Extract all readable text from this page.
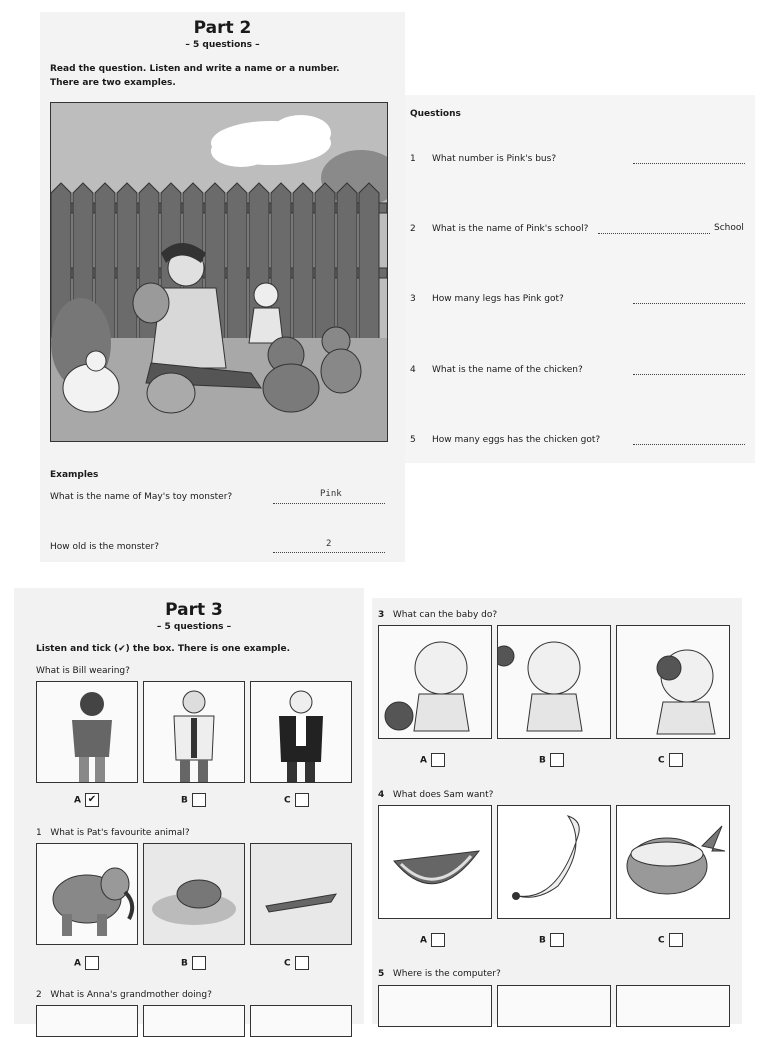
Part 2
– 5 questions –
Read the question. Listen and write a name or a number.
There are two examples.
Examples
What is the name of May's toy monster?	Pink
How old is the monster?	2
Questions
1 What number is Pink's bus?
2 What is the name of Pink's school?	School
3 How many legs has Pink got?
4 What is the name of the chicken?
5 How many eggs has the chicken got?
Part 3
– 5 questions –
Listen and tick (✔) the box. There is one example.
What is Bill wearing?
A ✔	B	C
1 What is Pat's favourite animal?
A	B	C
2 What is Anna's grandmother doing?
3 What can the baby do?
A	B	C
4 What does Sam want?
A	B	C
5 Where is the computer?
